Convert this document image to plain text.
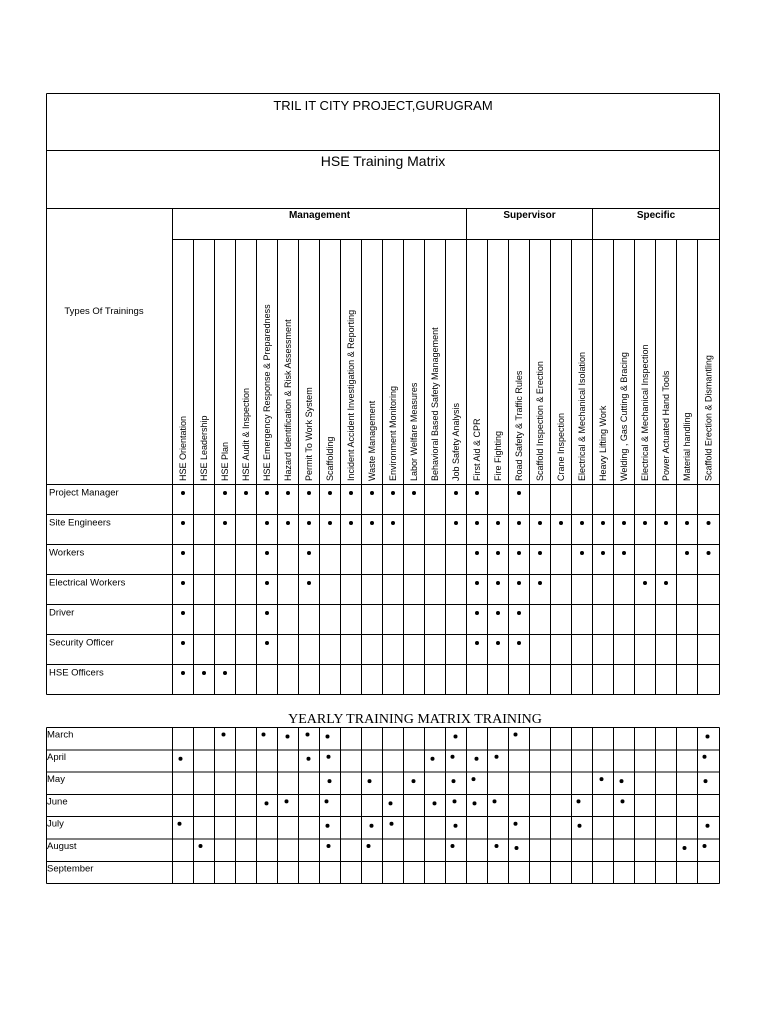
TRIL IT CITY PROJECT,GURUGRAM
HSE Training Matrix
Types Of Trainings
Management	Supervisor	Specific
HSE Orientation HSE Leadership HSE Plan HSE Audit & Inspection HSE Emergency Response & Preparedness Hazard Identification & Risk Assessment Permit To Work System Scaffolding Incident Accident Investigation & Reporting Waste Management Environment Monitoring Labor Welfare Measures Behavioral Based Safety Management Job Safety Analysis First Aid & CPR Fire Fighting Road Safety & Traffic Rules Scaffold Inspection & Erection Crane Inspection Electrical & Mechanical Isolation Heavy Lifting Work Welding , Gas Cutting & Bracing Electrical & Mechanical Inspection Power Actuated Hand Tools Material handling Scaffold Erection & Dismantling
Project Manager
Site Engineers
Workers
Electrical Workers
Driver
Security Officer
HSE Officers
YEARLY TRAINING MATRIX TRAINING
March
April
May
June
July
August
September
